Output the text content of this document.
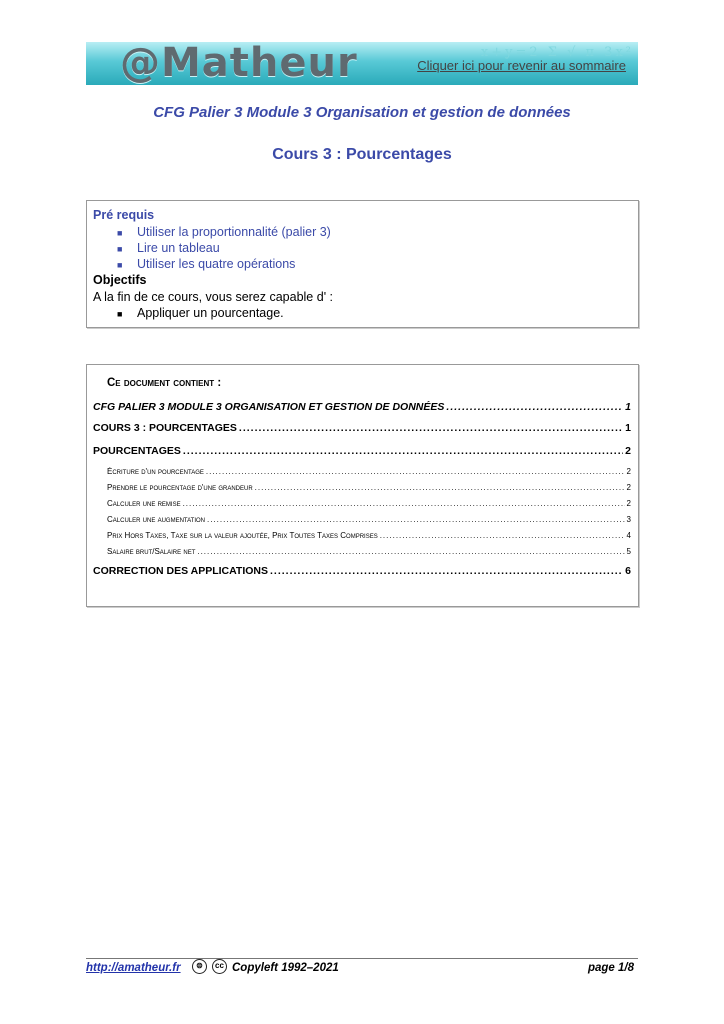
x+y=2 Σ √ π 3x²
@Matheur	Cliquer ici pour revenir au sommaire
CFG Palier 3 Module 3 Organisation et gestion de données
Cours 3 : Pourcentages
Pré requis
■ Utiliser la proportionnalité (palier 3)
■ Lire un tableau
■ Utiliser les quatre opérations
Objectifs
A la fin de ce cours, vous serez capable d' :
■ Appliquer un pourcentage.
Ce document contient :
CFG PALIER 3 MODULE 3 ORGANISATION ET GESTION DE DONNÉES .....	1
COURS 3 : POURCENTAGES .....	1
POURCENTAGES .....	2
Écriture d'un pourcentage .....	2
Prendre le pourcentage d'une grandeur .....	2
Calculer une remise .....	2
Calculer une augmentation .....	3
Prix Hors Taxes, Taxe sur la valeur ajoutée, Prix Toutes Taxes Comprises .....	4
Salaire brut/Salaire net .....	5
CORRECTION DES APPLICATIONS .....	6
http://amatheur.fr	⊜	cc Copyleft 1992–2021	page 1/8
